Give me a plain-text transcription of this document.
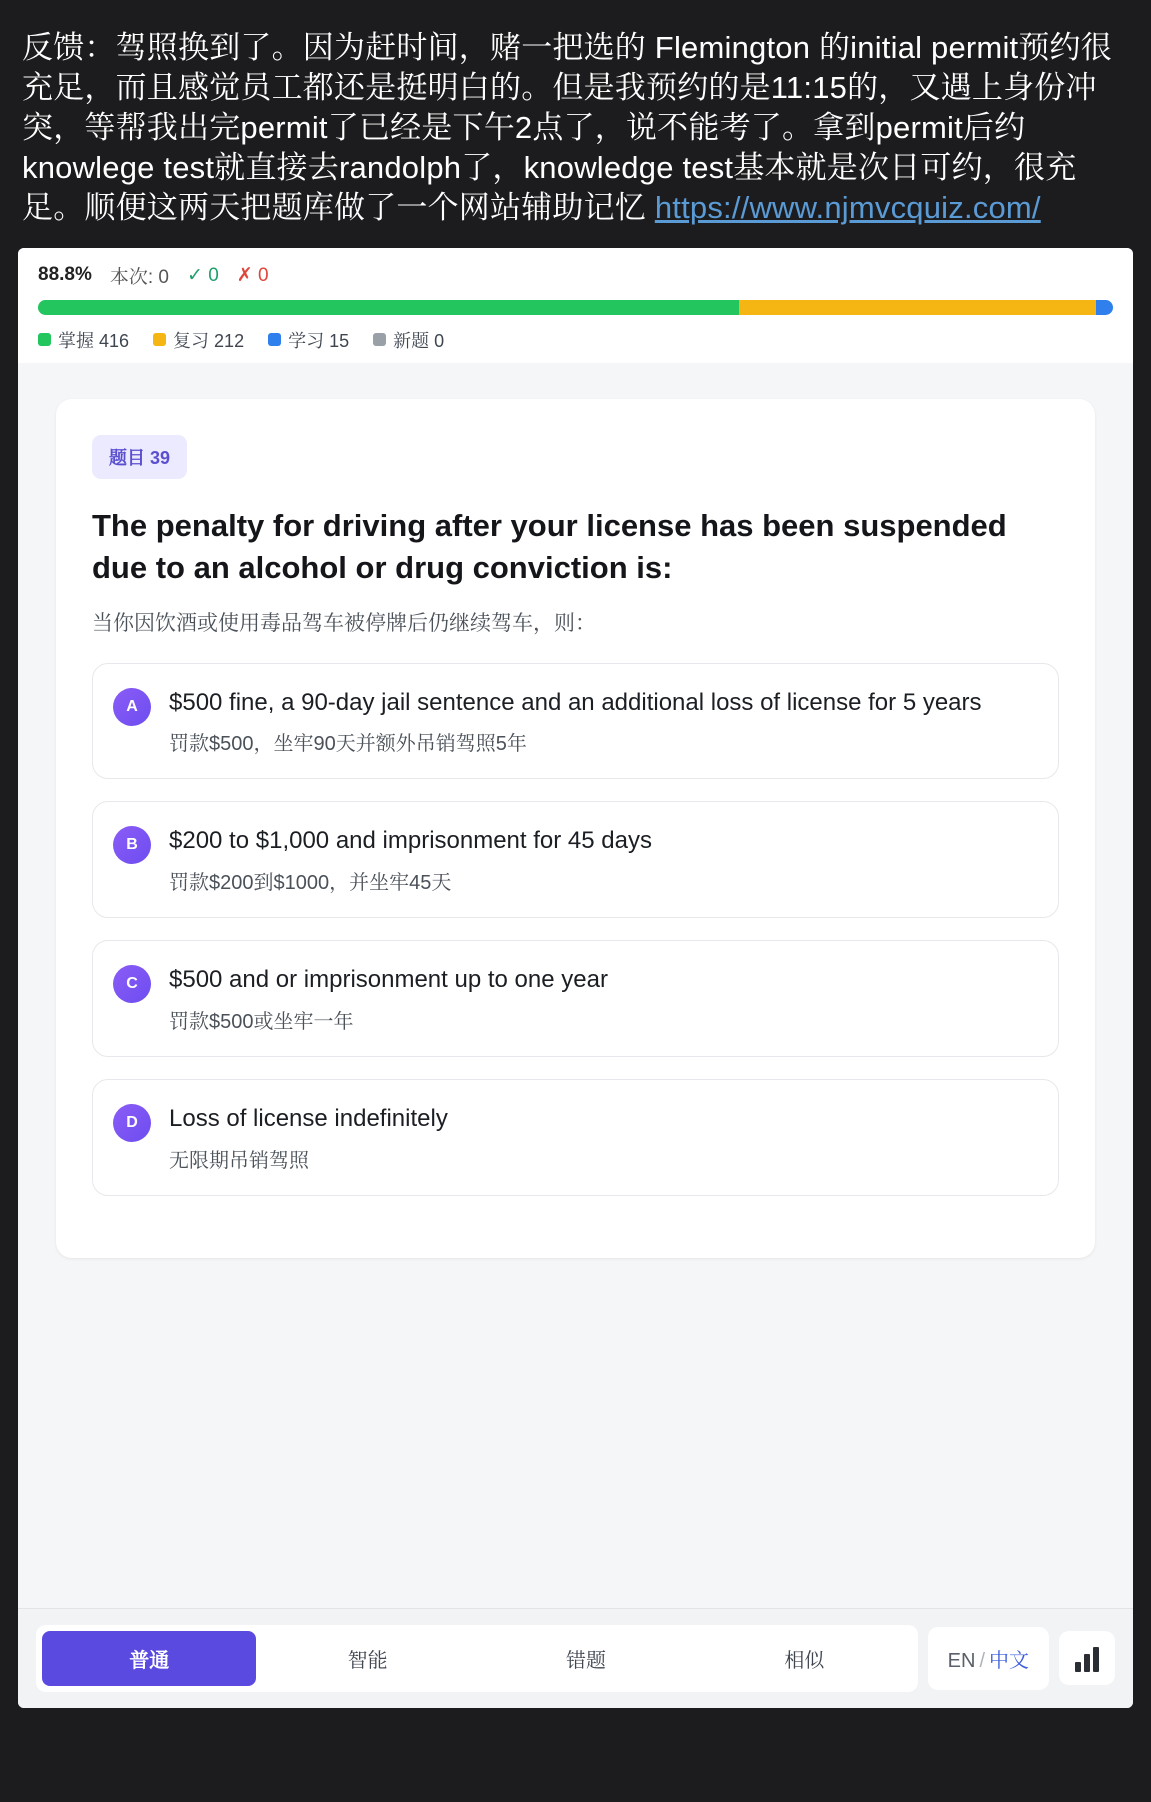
反馈：驾照换到了。因为赶时间，赌一把选的 Flemington 的initial permit预约很充足，而且感觉员工都还是挺明白的。但是我预约的是11:15的，又遇上身份冲突，等帮我出完permit了已经是下午2点了，说不能考了。拿到permit后约knowlege test就直接去randolph了，knowledge test基本就是次日可约，很充足。顺便这两天把题库做了一个网站辅助记忆 https://www.njmvcquiz.com/
88.8% 本次: 0 ✓ 0 ✗ 0
掌握 416 复习 212 学习 15 新题 0
题目 39
The penalty for driving after your license has been suspended due to an alcohol or drug conviction is:
当你因饮酒或使用毒品驾车被停牌后仍继续驾车，则：
A	$500 fine, a 90-day jail sentence and an additional loss of license for 5 years
罚款$500，坐牢90天并额外吊销驾照5年
B	$200 to $1,000 and imprisonment for 45 days
罚款$200到$1000，并坐牢45天
C	$500 and or imprisonment up to one year
罚款$500或坐牢一年
D	Loss of license indefinitely
无限期吊销驾照
普通	智能	错题	相似	EN / 中文
